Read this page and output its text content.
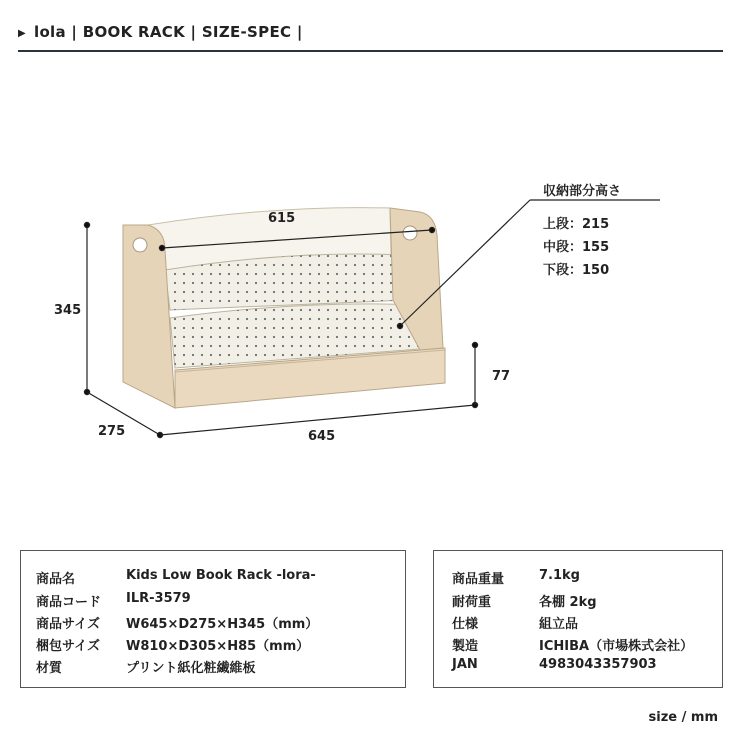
▶ lola | BOOK RACK | SIZE-SPEC |
615
345
77
275	645
収納部分高さ
上段：215
中段：155
下段：150
商品名	Kids Low Book Rack -lora-
商品コード ILR-3579
商品サイズ W645×D275×H345（mm）
梱包サイズ W810×D305×H85（mm）
材質	プリント紙化粧繊維板
商品重量	7.1kg
耐荷重	各棚 2kg
仕様	組立品
製造	ICHIBA（市場株式会社）
JAN	4983043357903
size / mm
